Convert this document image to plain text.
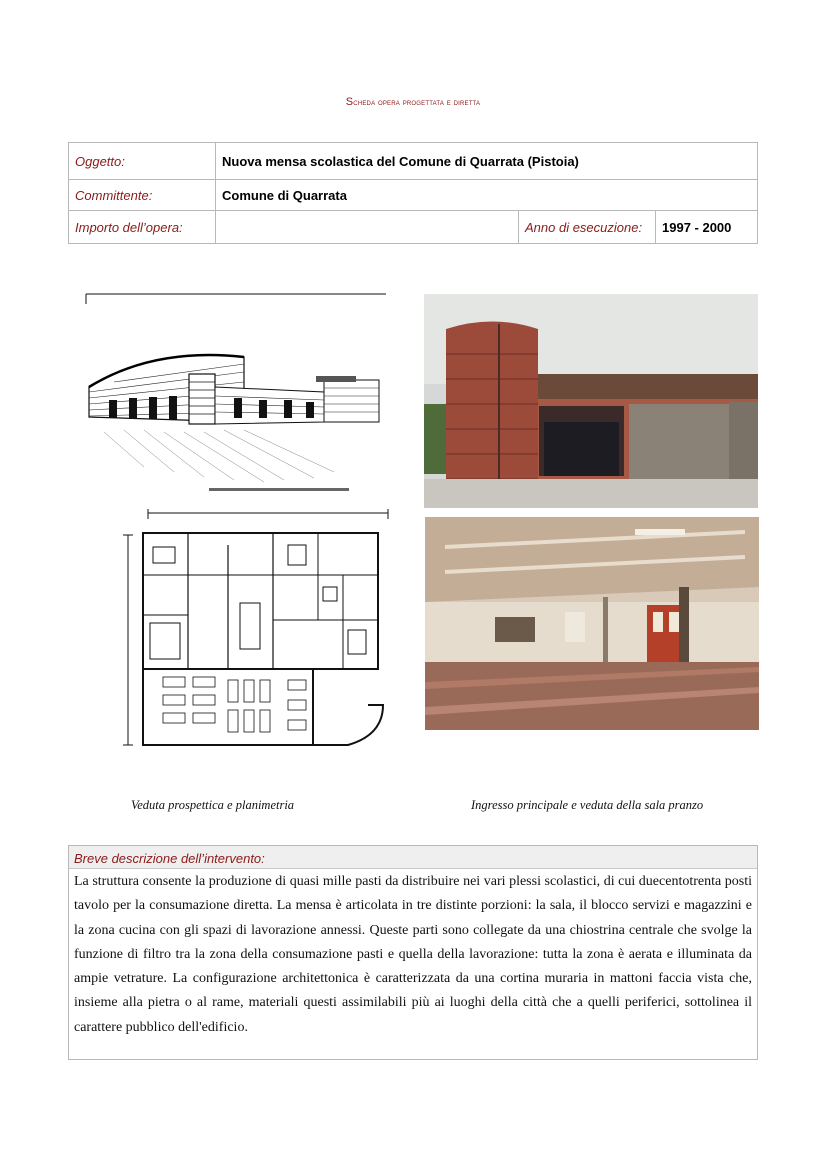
Scheda opera progettata e diretta
Oggetto:	Nuova mensa scolastica del Comune di Quarrata (Pistoia)		
Committente:	Comune di Quarrata		
Importo dell’opera:		Anno di esecuzione:	1997 - 2000
Veduta prospettica e planimetria	Ingresso principale e veduta della sala pranzo
Breve descrizione dell’intervento:
La struttura consente la produzione di quasi mille pasti da distribuire nei vari plessi scolastici, di cui duecentotrenta posti tavolo per la consumazione diretta. La mensa è articolata in tre distinte porzioni: la sala, il blocco servizi e magazzini e la zona cucina con gli spazi di lavorazione annessi. Queste parti sono collegate da una chiostrina centrale che svolge la funzione di filtro tra la zona della consumazione pasti e quella della lavorazione: tutta la zona è aerata e illuminata da ampie vetrature. La configurazione architettonica è caratterizzata da una cortina muraria in mattoni faccia vista che, insieme alla pietra o al rame, materiali questi assimilabili più ai luoghi della città che a quelli periferici, sottolinea il carattere pubblico dell'edificio.
